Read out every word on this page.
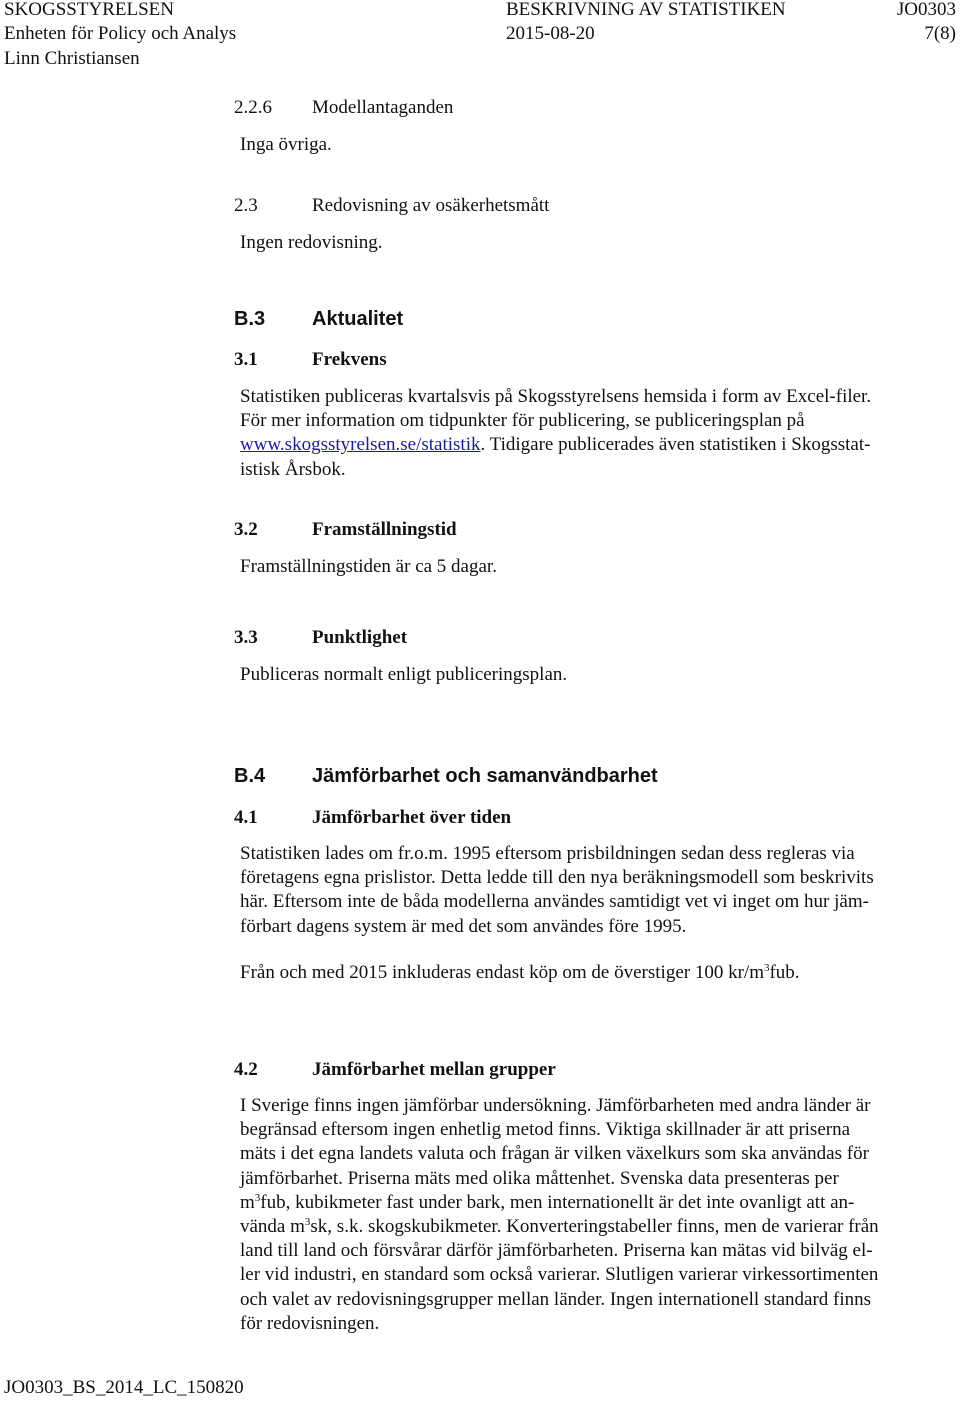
SKOGSSTYRELSEN	BESKRIVNING AV STATISTIKEN	JO0303
Enheten för Policy och Analys	2015-08-20	7(8)
Linn Christiansen
2.2.6 Modellantaganden
Inga övriga.
2.3	Redovisning av osäkerhetsmått
Ingen redovisning.
B.3 Aktualitet
3.1	Frekvens
Statistiken publiceras kvartalsvis på Skogsstyrelsens hemsida i form av Excel-filer.
För mer information om tidpunkter för publicering, se publiceringsplan på
www.skogsstyrelsen.se/statistik. Tidigare publicerades även statistiken i Skogsstat-
istisk Årsbok.
3.2	Framställningstid
Framställningstiden är ca 5 dagar.
3.3	Punktlighet
Publiceras normalt enligt publiceringsplan.
B.4 Jämförbarhet och samanvändbarhet
4.1	Jämförbarhet över tiden
Statistiken lades om fr.o.m. 1995 eftersom prisbildningen sedan dess regleras via
företagens egna prislistor. Detta ledde till den nya beräkningsmodell som beskrivits
här. Eftersom inte de båda modellerna användes samtidigt vet vi inget om hur jäm-
förbart dagens system är med det som användes före 1995.
Från och med 2015 inkluderas endast köp om de överstiger 100 $kr/m^3fub$.
4.2	Jämförbarhet mellan grupper
I Sverige finns ingen jämförbar undersökning. Jämförbarheten med andra länder är
begränsad eftersom ingen enhetlig metod finns. Viktiga skillnader är att priserna
mäts i det egna landets valuta och frågan är vilken växelkurs som ska användas för
jämförbarhet. Priserna mäts med olika måttenhet. Svenska data presenteras per
$m^3fub$, kubikmeter fast under bark, men internationellt är det inte ovanligt att an-
vända $m^3sk$, s.k. skogskubikmeter. Konverteringstabeller finns, men de varierar från
land till land och försvårar därför jämförbarheten. Priserna kan mätas vid bilväg el-
ler vid industri, en standard som också varierar. Slutligen varierar virkessortimenten
och valet av redovisningsgrupper mellan länder. Ingen internationell standard finns
för redovisningen.
JO0303_BS_2014_LC_150820
